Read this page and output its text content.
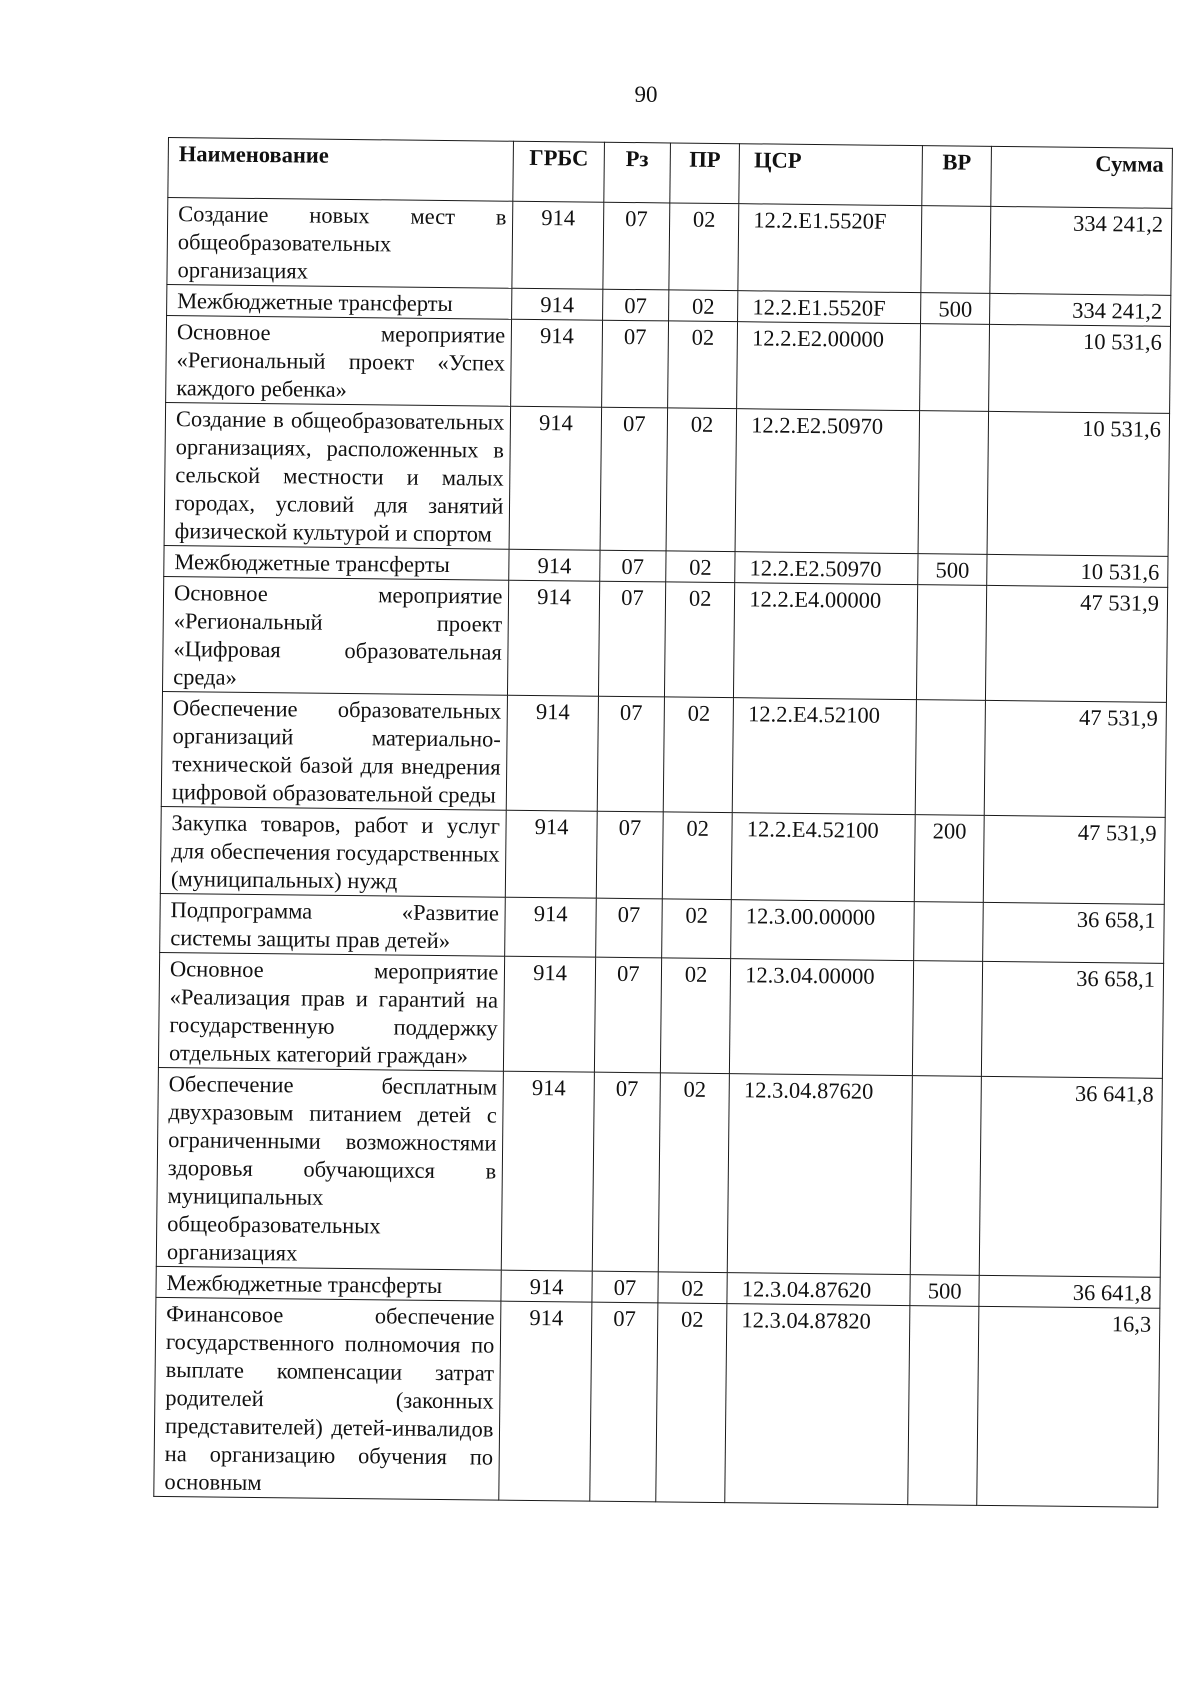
90
Наименование	ГРБС	Рз	ПР	ЦСР	ВР	Сумма
Создание новых мест в общеобразовательных организациях	914	07	02	12.2.Е1.5520F		334 241,2
Межбюджетные трансферты	914	07	02	12.2.Е1.5520F	500	334 241,2
Основное мероприятие «Региональный проект «Успех каждого ребенка»	914	07	02	12.2.Е2.00000		10 531,6
Создание в общеобразовательных организациях, расположенных в сельской местности и малых городах, условий для занятий физической культурой и спортом	914	07	02	12.2.Е2.50970		10 531,6
Межбюджетные трансферты	914	07	02	12.2.Е2.50970	500	10 531,6
Основное мероприятие «Региональный проект «Цифровая образовательная среда»	914	07	02	12.2.Е4.00000		47 531,9
Обеспечение образовательных организаций материально-технической базой для внедрения цифровой образовательной среды	914	07	02	12.2.Е4.52100		47 531,9
Закупка товаров, работ и услуг для обеспечения государственных (муниципальных) нужд	914	07	02	12.2.Е4.52100	200	47 531,9
Подпрограмма «Развитие системы защиты прав детей»	914	07	02	12.3.00.00000		36 658,1
Основное мероприятие «Реализация прав и гарантий на государственную поддержку отдельных категорий граждан»	914	07	02	12.3.04.00000		36 658,1
Обеспечение бесплатным двухразовым питанием детей с ограниченными возможностями здоровья обучающихся в муниципальных общеобразовательных организациях	914	07	02	12.3.04.87620		36 641,8
Межбюджетные трансферты	914	07	02	12.3.04.87620	500	36 641,8
Финансовое обеспечение государственного полномочия по выплате компенсации затрат родителей (законных представителей) детей-инвалидов на организацию обучения по основным	914	07	02	12.3.04.87820		16,3
